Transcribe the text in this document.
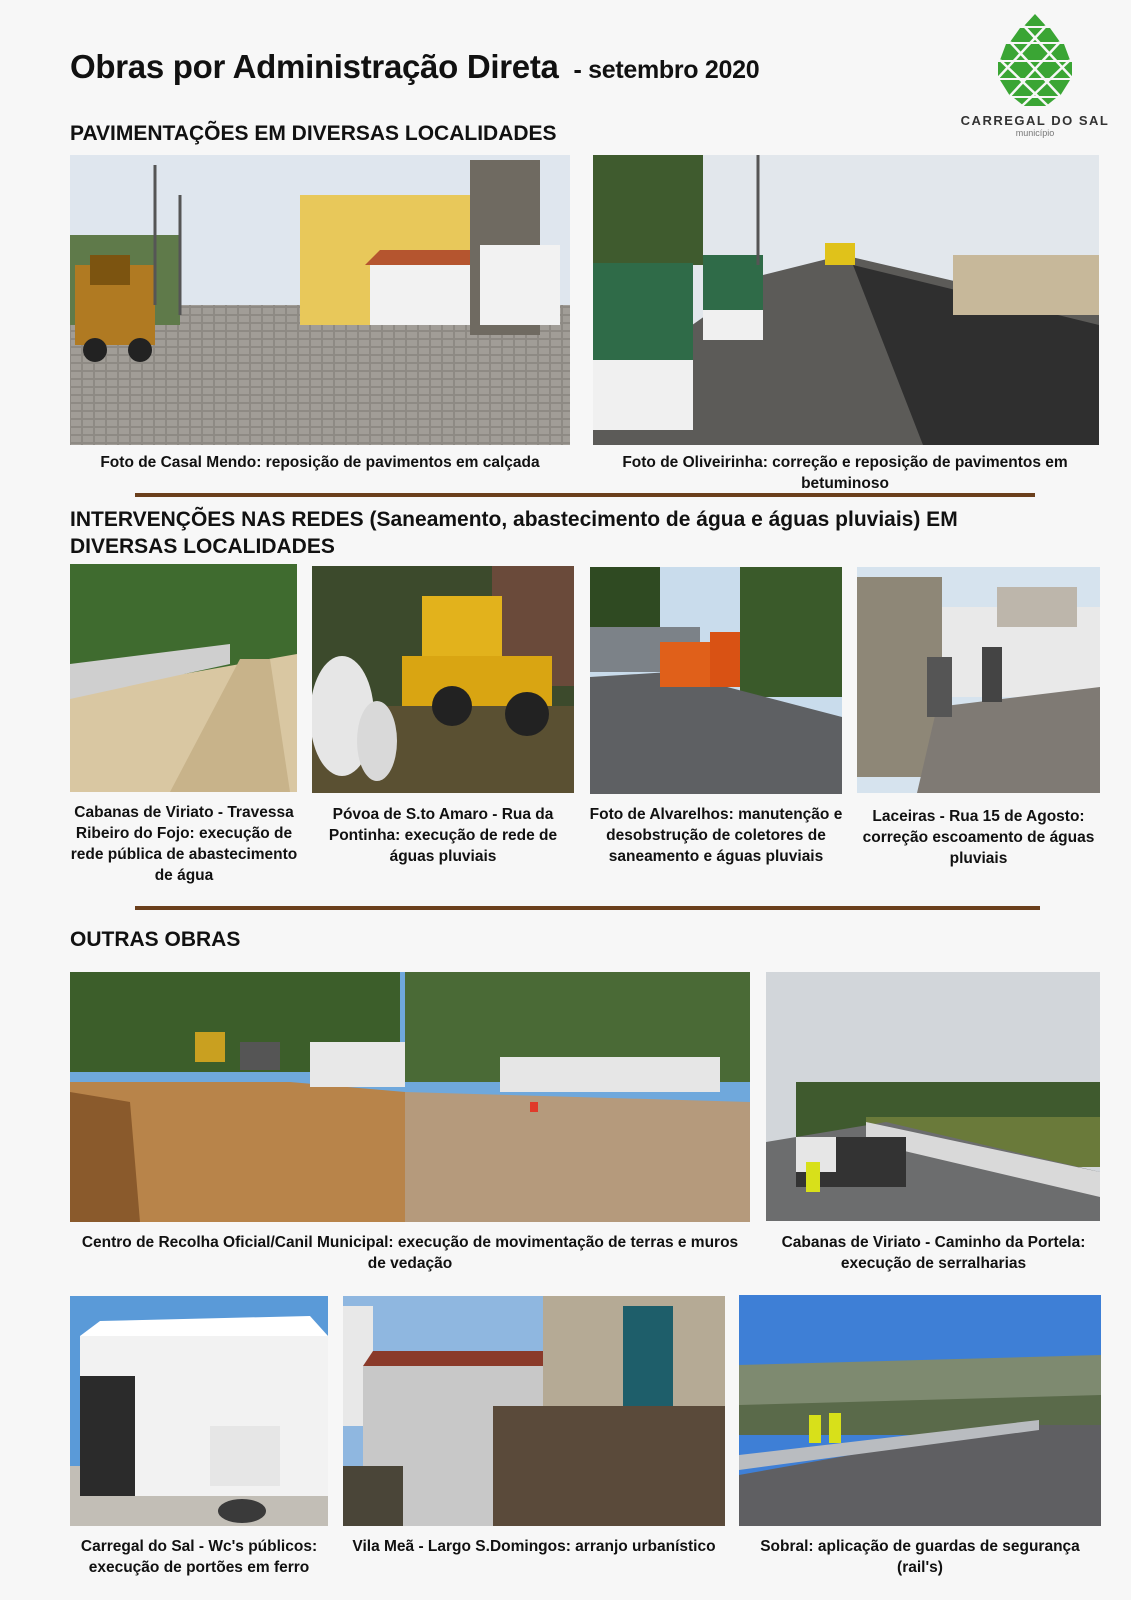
Obras por Administração Direta - setembro 2020
CARREGAL DO SAL
município
PAVIMENTAÇÕES EM DIVERSAS LOCALIDADES
Foto de Casal Mendo: reposição de pavimentos em calçada	Foto de Oliveirinha: correção e reposição de pavimentos em betuminoso
INTERVENÇÕES NAS REDES (Saneamento, abastecimento de água e águas pluviais) EM DIVERSAS LOCALIDADES
Cabanas de Viriato - Travessa Ribeiro do Fojo: execução de rede pública de abastecimento de água
Póvoa de S.to Amaro - Rua da Pontinha: execução de rede de águas pluviais
Foto de Alvarelhos: manutenção e desobstrução de coletores de saneamento e águas pluviais
Laceiras - Rua 15 de Agosto: correção escoamento de águas pluviais
OUTRAS OBRAS
Centro de Recolha Oficial/Canil Municipal: execução de movimentação de terras e muros de vedação
Cabanas de Viriato - Caminho da Portela: execução de serralharias
Carregal do Sal - Wc's públicos: execução de portões em ferro
Vila Meã - Largo S.Domingos: arranjo urbanístico	Sobral: aplicação de guardas de segurança (rail's)
